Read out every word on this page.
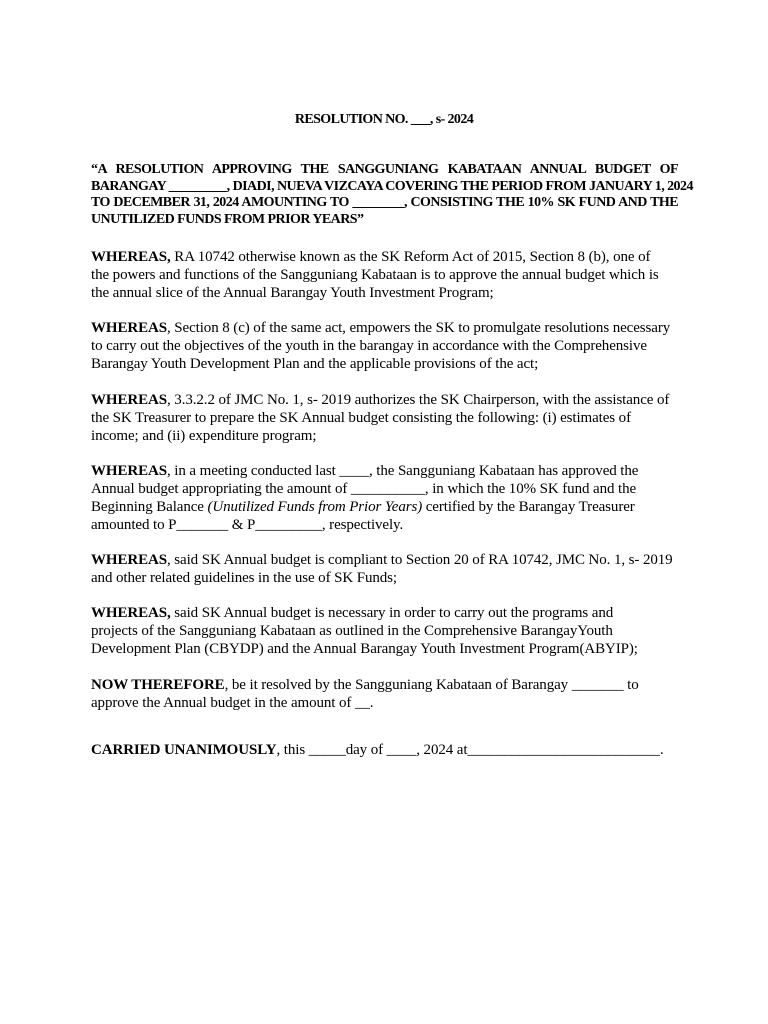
RESOLUTION NO. ___, s- 2024

“A RESOLUTION APPROVING THE SANGGUNIANG KABATAAN ANNUAL BUDGET OF
BARANGAY _________, DIADI, NUEVA VIZCAYA COVERING THE PERIOD FROM JANUARY 1, 2024
TO DECEMBER 31, 2024 AMOUNTING TO ________, CONSISTING THE 10% SK FUND AND THE
UNUTILIZED FUNDS FROM PRIOR YEARS”

WHEREAS, RA 10742 otherwise known as the SK Reform Act of 2015, Section 8 (b), one of
the powers and functions of the Sangguniang Kabataan is to approve the annual budget which is
the annual slice of the Annual Barangay Youth Investment Program;

WHEREAS, Section 8 (c) of the same act, empowers the SK to promulgate resolutions necessary
to carry out the objectives of the youth in the barangay in accordance with the Comprehensive
Barangay Youth Development Plan and the applicable provisions of the act;

WHEREAS, 3.3.2.2 of JMC No. 1, s- 2019 authorizes the SK Chairperson, with the assistance of
the SK Treasurer to prepare the SK Annual budget consisting the following: (i) estimates of
income; and (ii) expenditure program;

WHEREAS, in a meeting conducted last ____, the Sangguniang Kabataan has approved the
Annual budget appropriating the amount of __________, in which the 10% SK fund and the
Beginning Balance (Unutilized Funds from Prior Years) certified by the Barangay Treasurer
amounted to P_______ & P_________, respectively.

WHEREAS, said SK Annual budget is compliant to Section 20 of RA 10742, JMC No. 1, s- 2019
and other related guidelines in the use of SK Funds;

WHEREAS, said SK Annual budget is necessary in order to carry out the programs and
projects of the Sangguniang Kabataan as outlined in the Comprehensive BarangayYouth
Development Plan (CBYDP) and the Annual Barangay Youth Investment Program(ABYIP);

NOW THEREFORE, be it resolved by the Sangguniang Kabataan of Barangay _______ to
approve the Annual budget in the amount of __.

CARRIED UNANIMOUSLY, this _____day of ____, 2024 at__________________________.
